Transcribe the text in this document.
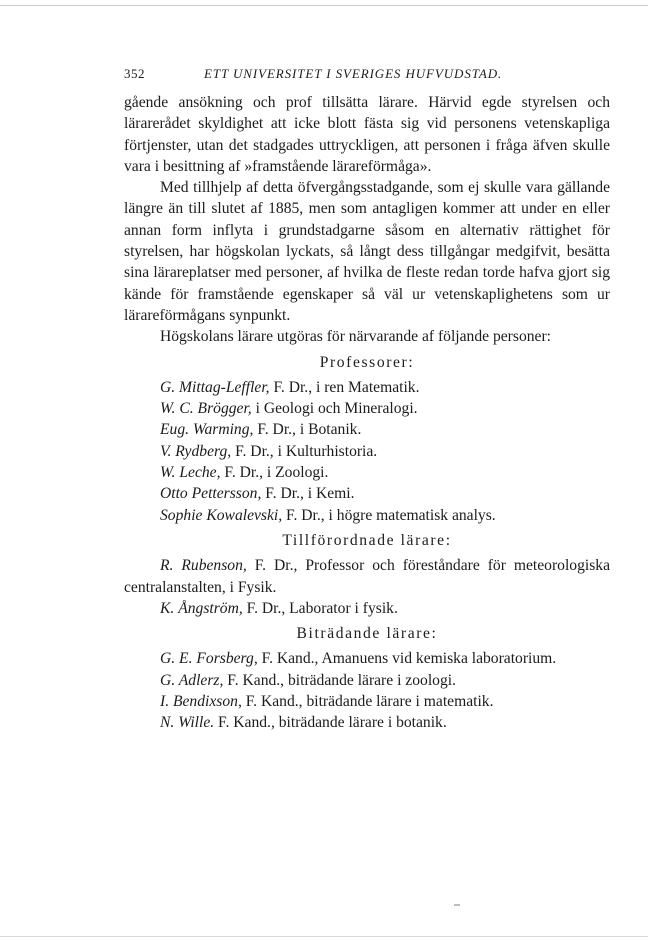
352	ETT UNIVERSITET I SVERIGES HUFVUDSTAD.

gående ansökning och prof tillsätta lärare. Härvid egde styrelsen och lärarerådet skyldighet att icke blott fästa sig vid personens vetenskapliga förtjenster, utan det stadgades uttryckligen, att personen i fråga äfven skulle vara i besittning af »framstående lärareförmåga».

Med tillhjelp af detta öfvergångsstadgande, som ej skulle vara gällande längre än till slutet af 1885, men som antagligen kommer att under en eller annan form inflyta i grundstadgarne såsom en alternativ rättighet för styrelsen, har högskolan lyckats, så långt dess tillgångar medgifvit, besätta sina lärareplatser med personer, af hvilka de fleste redan torde hafva gjort sig kände för framstående egenskaper så väl ur vetenskaplighetens som ur lärareförmågans synpunkt.

Högskolans lärare utgöras för närvarande af följande personer:

Professorer:

G. Mittag-Leffler, F. Dr., i ren Matematik.

W. C. Brögger, i Geologi och Mineralogi.

Eug. Warming, F. Dr., i Botanik.

V. Rydberg, F. Dr., i Kulturhistoria.

W. Leche, F. Dr., i Zoologi.

Otto Pettersson, F. Dr., i Kemi.

Sophie Kowalevski, F. Dr., i högre matematisk analys.

Tillförordnade lärare:

R. Rubenson, F. Dr., Professor och föreståndare för meteorologiska centralanstalten, i Fysik.

K. Ångström, F. Dr., Laborator i fysik.

Biträdande lärare:

G. E. Forsberg, F. Kand., Amanuens vid kemiska laboratorium.

G. Adlerz, F. Kand., biträdande lärare i zoologi.

I. Bendixson, F. Kand., biträdande lärare i matematik.

N. Wille. F. Kand., biträdande lärare i botanik.
